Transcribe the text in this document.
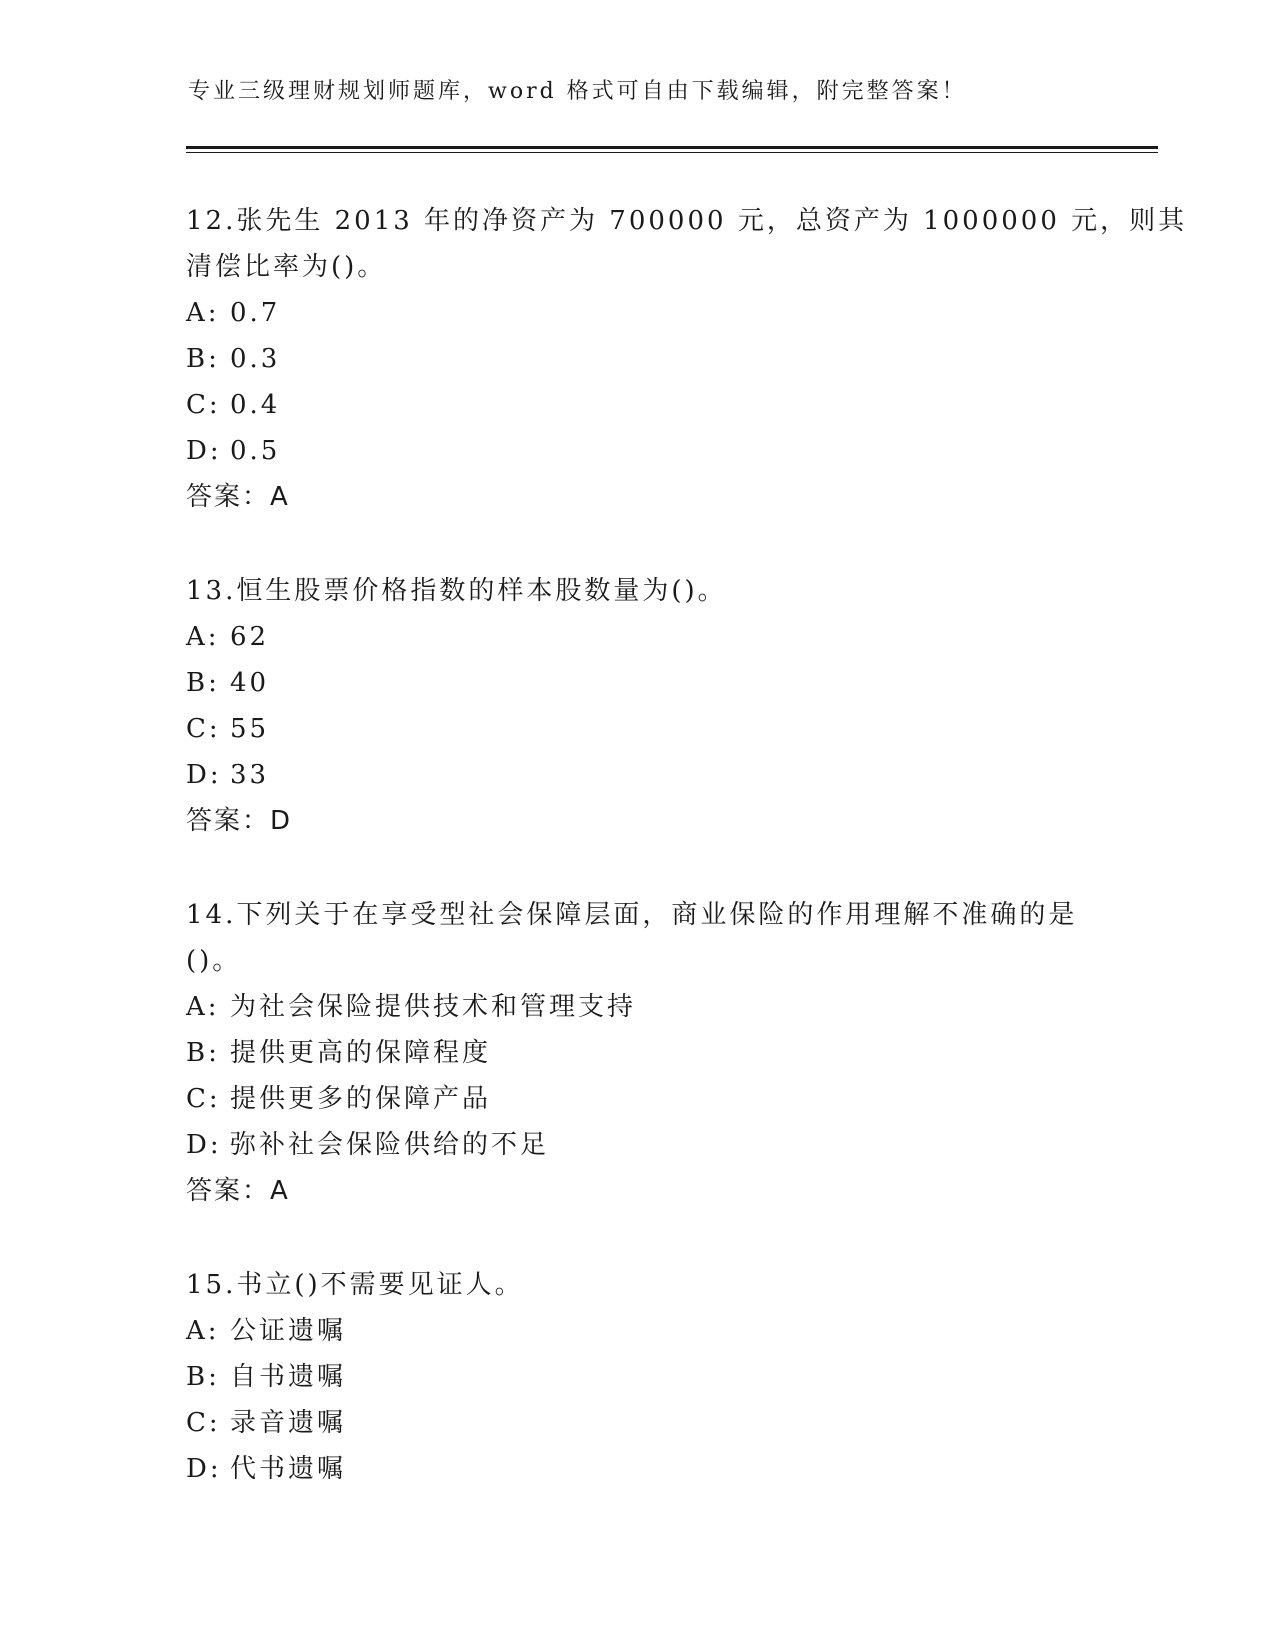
专业三级理财规划师题库，word 格式可自由下载编辑，附完整答案！
12.张先生 2013 年的净资产为 700000 元，总资产为 1000000 元，则其
清偿比率为()。
A: 0.7
B: 0.3
C: 0.4
D: 0.5
答案：A
13.恒生股票价格指数的样本股数量为()。
A: 62
B: 40
C: 55
D: 33
答案：D
14.下列关于在享受型社会保障层面，商业保险的作用理解不准确的是
()。
A: 为社会保险提供技术和管理支持
B: 提供更高的保障程度
C: 提供更多的保障产品
D: 弥补社会保险供给的不足
答案：A
15.书立()不需要见证人。
A: 公证遗嘱
B: 自书遗嘱
C: 录音遗嘱
D: 代书遗嘱
